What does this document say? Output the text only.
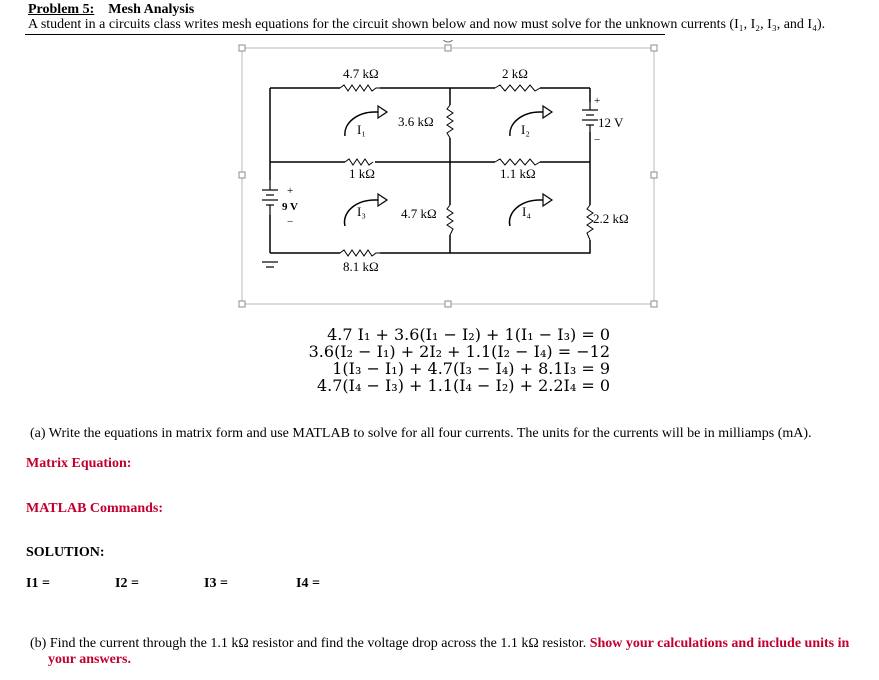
Problem 5: Mesh Analysis
A student in a circuits class writes mesh equations for the circuit shown below and now must solve for the unknown currents (I₁, I₂, I₃, and I₄).
4.7 kΩ	2 kΩ
3.6 kΩ
1 kΩ	1.1 kΩ
4.7 kΩ	2.2 kΩ
8.1 kΩ
12 V
9 V
+
−
+
−
I₁	I₂
I₃	I₄
4.7 I₁ + 3.6(I₁ − I₂) + 1(I₁ − I₃) = 0
3.6(I₂ − I₁) + 2I₂ + 1.1(I₂ − I₄) = −12
1(I₃ − I₁) + 4.7(I₃ − I₄) + 8.1I₃ = 9
4.7(I₄ − I₃) + 1.1(I₄ − I₂) + 2.2I₄ = 0
(a) Write the equations in matrix form and use MATLAB to solve for all four currents. The units for the currents will be in milliamps (mA).
Matrix Equation:
MATLAB Commands:
SOLUTION:
I1 =	I2 =	I3 =	I4 =
(b) Find the current through the 1.1 kΩ resistor and find the voltage drop across the 1.1 kΩ resistor. Show your calculations and include units in
your answers.
